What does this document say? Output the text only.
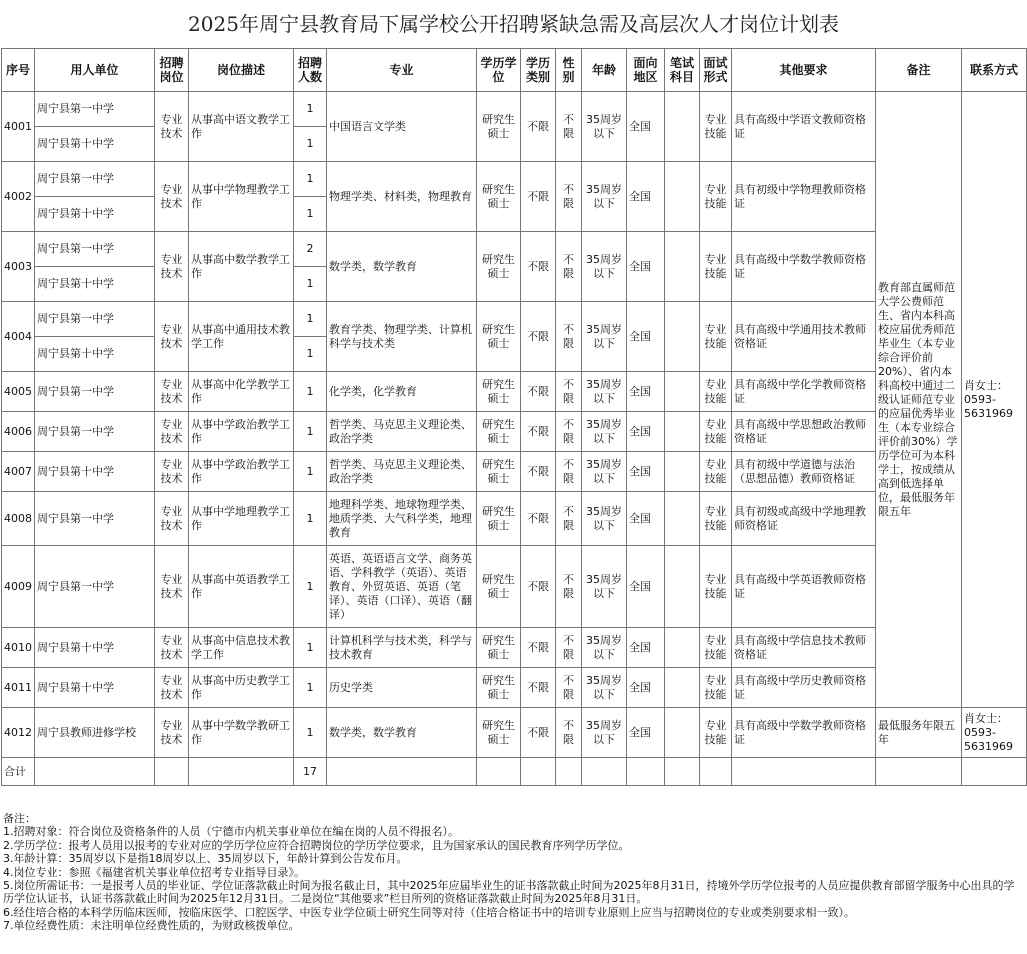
2025年周宁县教育局下属学校公开招聘紧缺急需及高层次人才岗位计划表
序号	用人单位	招聘岗位	岗位描述	招聘人数	专业	学历学位	学历类别	性别	年龄	面向地区	笔试科目	面试形式	其他要求	备注	联系方式
4001	周宁县第一中学	专业技术	从事高中语文教学工作	1	中国语言文学类	研究生硕士	不限	不限	35周岁以下	全国		专业技能	具有高级中学语文教师资格证	教育部直属师范大学公费师范生、省内本科高校应届优秀师范毕业生（本专业综合评价前20%）、省内本科高校中通过二级认证师范专业的应届优秀毕业生（本专业综合评价前30%）学历学位可为本科学士，按成绩从高到低选择单位，最低服务年限五年	肖女士：0593-5631969
	周宁县第十中学			1											
4002	周宁县第一中学	专业技术	从事中学物理教学工作	1	物理学类、材料类，物理教育	研究生硕士	不限	不限	35周岁以下	全国		专业技能	具有初级中学物理教师资格证		
	周宁县第十中学			1											
4003	周宁县第一中学	专业技术	从事高中数学教学工作	2	数学类，数学教育	研究生硕士	不限	不限	35周岁以下	全国		专业技能	具有高级中学数学教师资格证		
	周宁县第十中学			1											
4004	周宁县第一中学	专业技术	从事高中通用技术教学工作	1	教育学类、物理学类、计算机科学与技术类	研究生硕士	不限	不限	35周岁以下	全国		专业技能	具有高级中学通用技术教师资格证		
	周宁县第十中学			1											
4005	周宁县第一中学	专业技术	从事高中化学教学工作	1	化学类，化学教育	研究生硕士	不限	不限	35周岁以下	全国		专业技能	具有高级中学化学教师资格证		
4006	周宁县第一中学	专业技术	从事中学政治教学工作	1	哲学类、马克思主义理论类、政治学类	研究生硕士	不限	不限	35周岁以下	全国		专业技能	具有高级中学思想政治教师资格证		
4007	周宁县第十中学	专业技术	从事中学政治教学工作	1	哲学类、马克思主义理论类、政治学类	研究生硕士	不限	不限	35周岁以下	全国		专业技能	具有初级中学道德与法治（思想品德）教师资格证		
4008	周宁县第一中学	专业技术	从事中学地理教学工作	1	地理科学类、地球物理学类、地质学类、大气科学类，地理教育	研究生硕士	不限	不限	35周岁以下	全国		专业技能	具有初级或高级中学地理教师资格证		
4009	周宁县第一中学	专业技术	从事高中英语教学工作	1	英语、英语语言文学、商务英语、学科教学（英语）、英语教育、外贸英语、英语（笔译）、英语（口译）、英语（翻译）	研究生硕士	不限	不限	35周岁以下	全国		专业技能	具有高级中学英语教师资格证		
4010	周宁县第十中学	专业技术	从事高中信息技术教学工作	1	计算机科学与技术类，科学与技术教育	研究生硕士	不限	不限	35周岁以下	全国		专业技能	具有高级中学信息技术教师资格证		
4011	周宁县第十中学	专业技术	从事高中历史教学工作	1	历史学类	研究生硕士	不限	不限	35周岁以下	全国		专业技能	具有高级中学历史教师资格证		
4012	周宁县教师进修学校	专业技术	从事中学数学教研工作	1	数学类，数学教育	研究生硕士	不限	不限	35周岁以下	全国		专业技能	具有高级中学数学教师资格证	最低服务年限五年	肖女士：0593-5631969
合计				17											
备注：
1.招聘对象：符合岗位及资格条件的人员（宁德市内机关事业单位在编在岗的人员不得报名）。
2.学历学位：报考人员用以报考的专业对应的学历学位应符合招聘岗位的学历学位要求，且为国家承认的国民教育序列学历学位。
3.年龄计算：35周岁以下是指18周岁以上、35周岁以下，年龄计算到公告发布月。
4.岗位专业：参照《福建省机关事业单位招考专业指导目录》。
5.岗位所需证书：一是报考人员的毕业证、学位证落款截止时间为报名截止日，其中2025年应届毕业生的证书落款截止时间为2025年8月31日，持境外学历学位报考的人员应提供教育部留学服务中心出具的学历学位认证书，认证书落款截止时间为2025年12月31日。二是岗位“其他要求”栏目所列的资格证落款截止时间为2025年8月31日。
6.经住培合格的本科学历临床医师，按临床医学、口腔医学、中医专业学位硕士研究生同等对待（住培合格证书中的培训专业原则上应当与招聘岗位的专业或类别要求相一致）。
7.单位经费性质：未注明单位经费性质的，为财政核拨单位。
